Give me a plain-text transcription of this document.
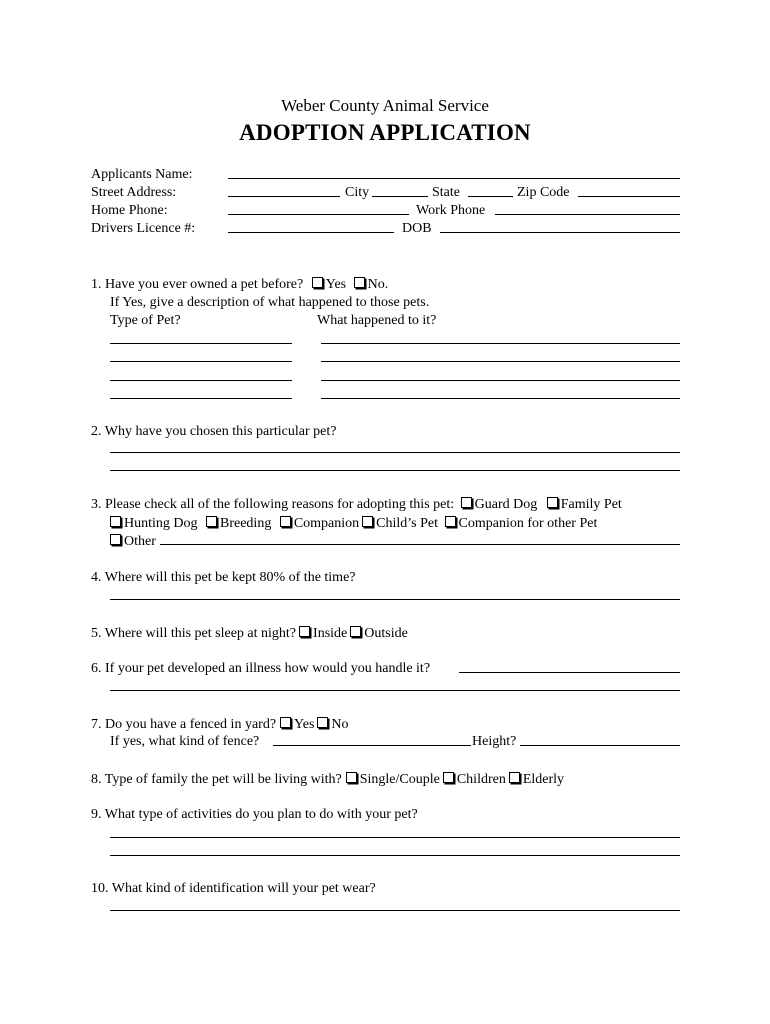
Weber County Animal Service
ADOPTION APPLICATION
Applicants Name:
Street Address:	City	State	Zip Code
Home Phone:	Work Phone
Drivers Licence #:	DOB
1. Have you ever owned a pet before? Yes No.
If Yes, give a description of what happened to those pets.
Type of Pet?	What happened to it?
2. Why have you chosen this particular pet?
3. Please check all of the following reasons for adopting this pet: Guard Dog Family Pet
Hunting Dog Breeding Companion Child’s Pet Companion for other Pet
Other
4. Where will this pet be kept 80% of the time?
5. Where will this pet sleep at night? Inside Outside
6. If your pet developed an illness how would you handle it?
7. Do you have a fenced in yard? Yes No
If yes, what kind of fence?	Height?
8. Type of family the pet will be living with? Single/Couple Children Elderly
9. What type of activities do you plan to do with your pet?
10. What kind of identification will your pet wear?
